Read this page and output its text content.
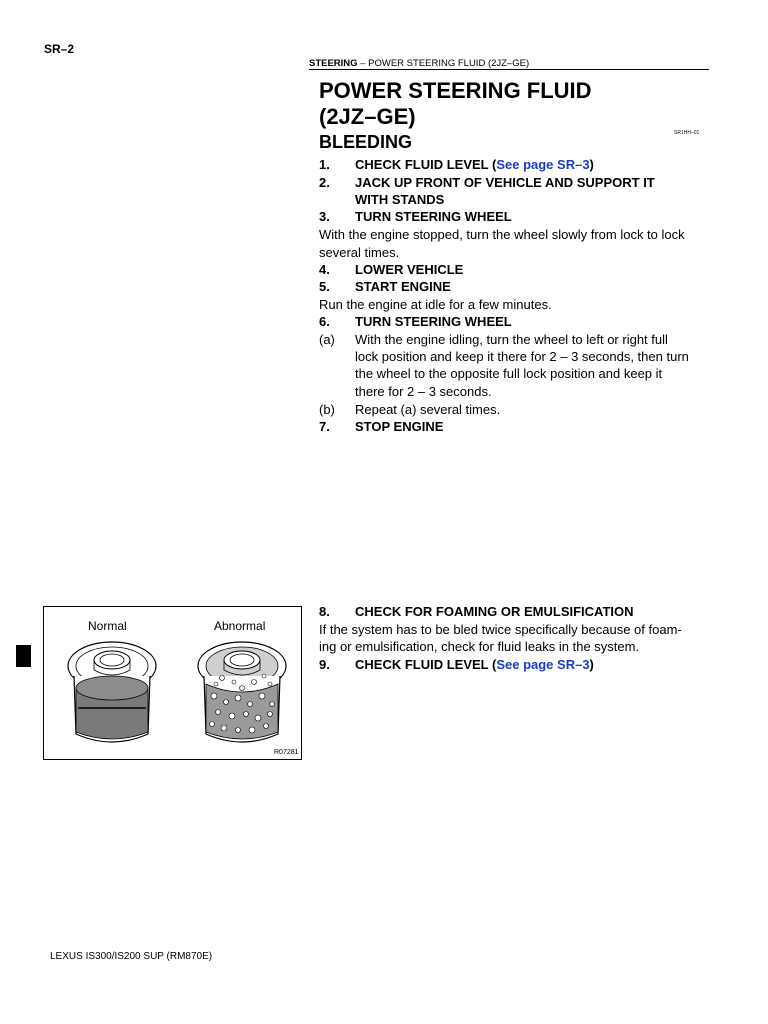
SR–2
STEERING – POWER STEERING FLUID (2JZ–GE)
POWER STEERING FLUID
(2JZ–GE)
BLEEDING	SR1HH–01
1. CHECK FLUID LEVEL (See page SR–3)
2. JACK UP FRONT OF VEHICLE AND SUPPORT IT
WITH STANDS
3. TURN STEERING WHEEL
With the engine stopped, turn the wheel slowly from lock to lock
several times.
4. LOWER VEHICLE
5. START ENGINE
Run the engine at idle for a few minutes.
6. TURN STEERING WHEEL
(a) With the engine idling, turn the wheel to left or right full
lock position and keep it there for 2 – 3 seconds, then turn
the wheel to the opposite full lock position and keep it
there for 2 – 3 seconds.
(b) Repeat (a) several times.
7. STOP ENGINE
Normal	Abnormal
R07281
8. CHECK FOR FOAMING OR EMULSIFICATION
If the system has to be bled twice specifically because of foam-
ing or emulsification, check for fluid leaks in the system.
9. CHECK FLUID LEVEL (See page SR–3)
LEXUS IS300/IS200 SUP (RM870E)
